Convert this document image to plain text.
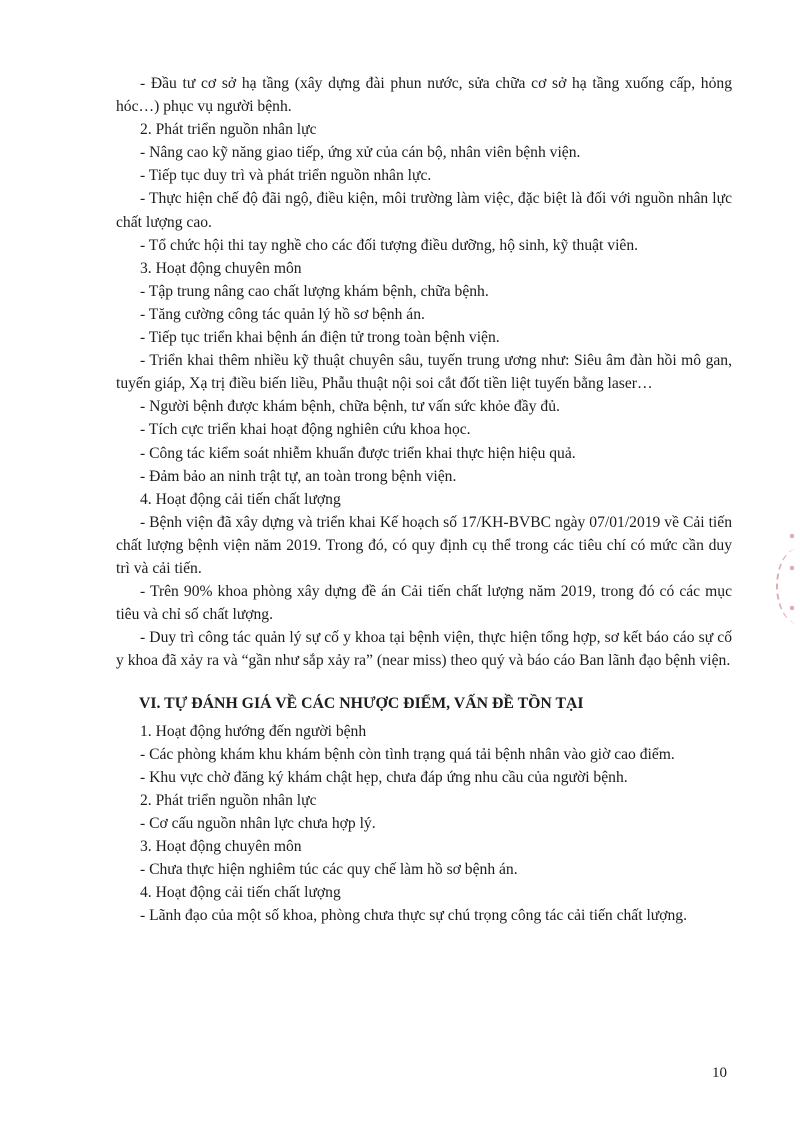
- Đầu tư cơ sở hạ tầng (xây dựng đài phun nước, sửa chữa cơ sở hạ tầng xuống cấp, hỏng hóc…) phục vụ người bệnh.

2. Phát triển nguồn nhân lực

- Nâng cao kỹ năng giao tiếp, ứng xử của cán bộ, nhân viên bệnh viện.

- Tiếp tục duy trì và phát triển nguồn nhân lực.

- Thực hiện chế độ đãi ngộ, điều kiện, môi trường làm việc, đặc biệt là đối với nguồn nhân lực chất lượng cao.

- Tổ chức hội thi tay nghề cho các đối tượng điều dưỡng, hộ sinh, kỹ thuật viên.

3. Hoạt động chuyên môn

- Tập trung nâng cao chất lượng khám bệnh, chữa bệnh.

- Tăng cường công tác quản lý hồ sơ bệnh án.

- Tiếp tục triển khai bệnh án điện tử trong toàn bệnh viện.

- Triển khai thêm nhiều kỹ thuật chuyên sâu, tuyến trung ương như: Siêu âm đàn hồi mô gan, tuyến giáp, Xạ trị điều biến liều, Phẫu thuật nội soi cắt đốt tiền liệt tuyến bằng laser…

- Người bệnh được khám bệnh, chữa bệnh, tư vấn sức khỏe đầy đủ.

- Tích cực triển khai hoạt động nghiên cứu khoa học.

- Công tác kiểm soát nhiễm khuẩn được triển khai thực hiện hiệu quả.

- Đảm bảo an ninh trật tự, an toàn trong bệnh viện.

4. Hoạt động cải tiến chất lượng

- Bệnh viện đã xây dựng và triển khai Kế hoạch số 17/KH-BVBC ngày 07/01/2019 về Cải tiến chất lượng bệnh viện năm 2019. Trong đó, có quy định cụ thể trong các tiêu chí có mức cần duy trì và cải tiến.

- Trên 90% khoa phòng xây dựng đề án Cải tiến chất lượng năm 2019, trong đó có các mục tiêu và chỉ số chất lượng.

- Duy trì công tác quản lý sự cố y khoa tại bệnh viện, thực hiện tổng hợp, sơ kết báo cáo sự cố y khoa đã xảy ra và “gần như sắp xảy ra” (near miss) theo quý và báo cáo Ban lãnh đạo bệnh viện.

VI. TỰ ĐÁNH GIÁ VỀ CÁC NHƯỢC ĐIỂM, VẤN ĐỀ TỒN TẠI

1. Hoạt động hướng đến người bệnh

- Các phòng khám khu khám bệnh còn tình trạng quá tải bệnh nhân vào giờ cao điểm.

- Khu vực chờ đăng ký khám chật hẹp, chưa đáp ứng nhu cầu của người bệnh.

2. Phát triển nguồn nhân lực

- Cơ cấu nguồn nhân lực chưa hợp lý.

3. Hoạt động chuyên môn

- Chưa thực hiện nghiêm túc các quy chế làm hồ sơ bệnh án.

4. Hoạt động cải tiến chất lượng

- Lãnh đạo của một số khoa, phòng chưa thực sự chú trọng công tác cải tiến chất lượng.

10
